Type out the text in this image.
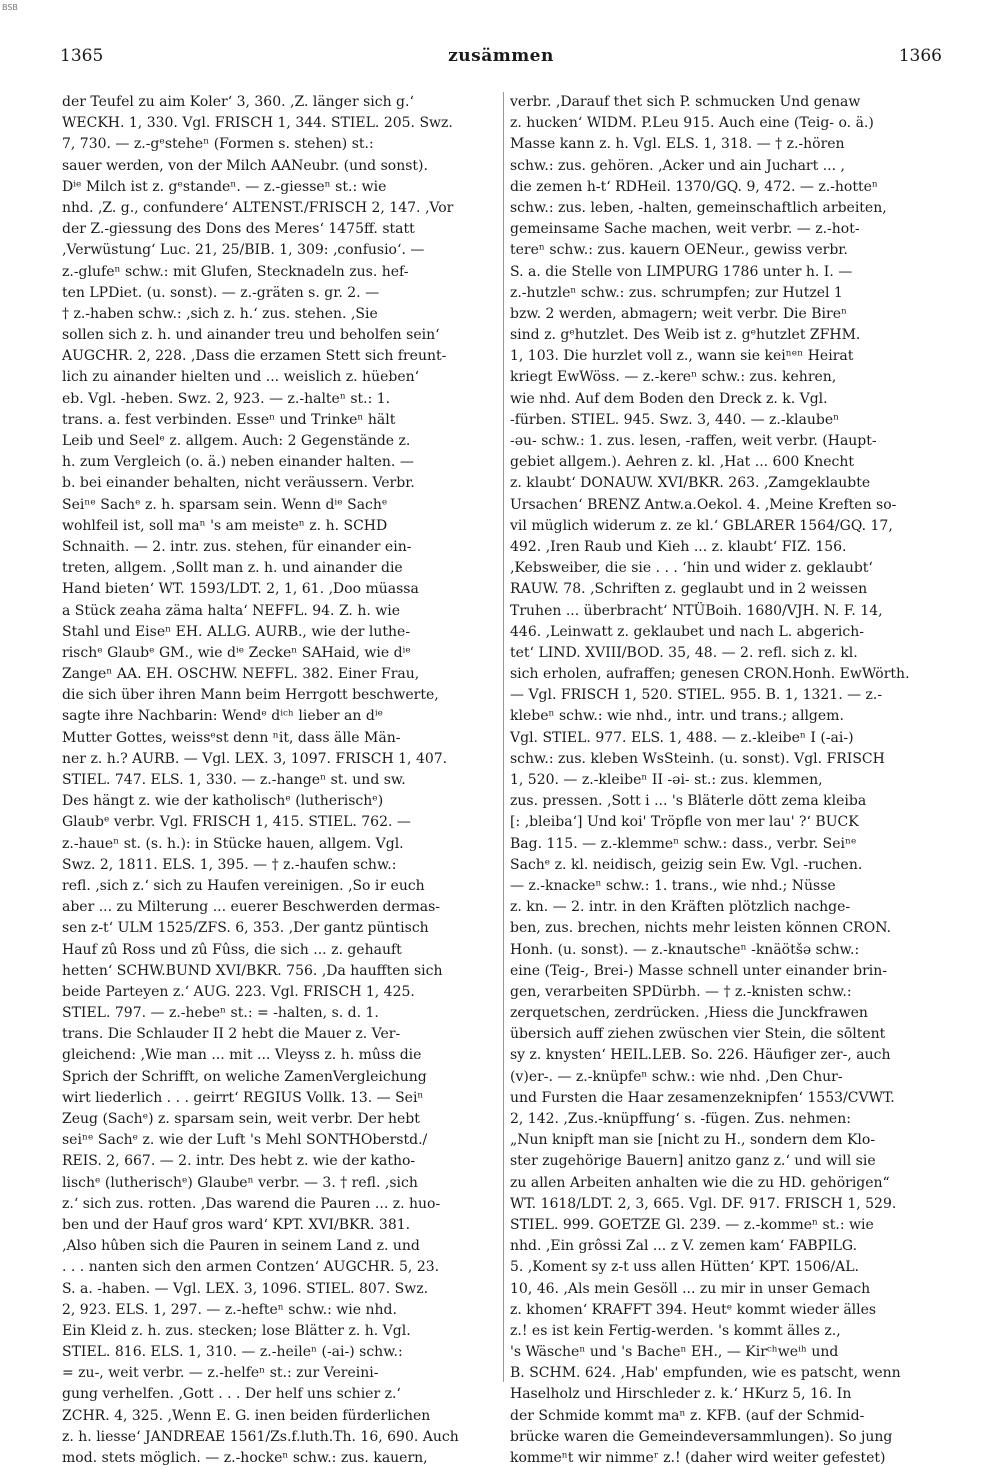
BSB
1365	zusämmen	1366
der Teufel zu aim Koler‘ 3, 360. ‚Z. länger sich g.‘
WECKH. 1, 330. Vgl. FRISCH 1, 344. STIEL. 205. Swz.
7, 730. — z.-gᵉsteheⁿ (Formen s. stehen) st.:
sauer werden, von der Milch AANeubr. (und sonst).
Dⁱᵉ Milch ist z. gᵉstandeⁿ. — z.-giesseⁿ st.: wie
nhd. ‚Z. g., confundere‘ ALTENST./FRISCH 2, 147. ‚Vor
der Z.-giessung des Dons des Meres‘ 1475ff. statt
‚Verwüstung‘ Luc. 21, 25/BIB. 1, 309: ‚confusio‘. —
z.-glufeⁿ schw.: mit Glufen, Stecknadeln zus. hef-
ten LPDiet. (u. sonst). — z.-gräten s. gr. 2. —
† z.-haben schw.: ‚sich z. h.‘ zus. stehen. ‚Sie
sollen sich z. h. und ainander treu und beholfen sein‘
AUGCHR. 2, 228. ‚Dass die erzamen Stett sich freunt-
lich zu ainander hielten und ... weislich z. hüeben‘
eb. Vgl. -heben. Swz. 2, 923. — z.-halteⁿ st.: 1.
trans. a. fest verbinden. Esseⁿ und Trinkeⁿ hält
Leib und Seelᵉ z. allgem. Auch: 2 Gegenstände z.
h. zum Vergleich (o. ä.) neben einander halten. —
b. bei einander behalten, nicht veräussern. Verbr.
Seiⁿᵉ Sachᵉ z. h. sparsam sein. Wenn dⁱᵉ Sachᵉ
wohlfeil ist, soll maⁿ 's am meisteⁿ z. h. SCHD
Schnaith. — 2. intr. zus. stehen, für einander ein-
treten, allgem. ‚Sollt man z. h. und ainander die
Hand bieten‘ WT. 1593/LDT. 2, 1, 61. ‚Doo müassa
a Stück zeaha zäma halta‘ NEFFL. 94. Z. h. wie
Stahl und Eiseⁿ EH. ALLG. AURB., wie der luthe-
rischᵉ Glaubᵉ GM., wie dⁱᵉ Zeckeⁿ SAHaid, wie dⁱᵉ
Zangeⁿ AA. EH. OSCHW. NEFFL. 382. Einer Frau,
die sich über ihren Mann beim Herrgott beschwerte,
sagte ihre Nachbarin: Wendᵉ dⁱᶜʰ lieber an dⁱᵉ
Mutter Gottes, weissᵉst denn ⁿit, dass älle Män-
ner z. h.? AURB. — Vgl. LEX. 3, 1097. FRISCH 1, 407.
STIEL. 747. ELS. 1, 330. — z.-hangeⁿ st. und sw.
Des hängt z. wie der katholischᵉ (lutherischᵉ)
Glaubᵉ verbr. Vgl. FRISCH 1, 415. STIEL. 762. —
z.-haueⁿ st. (s. h.): in Stücke hauen, allgem. Vgl.
Swz. 2, 1811. ELS. 1, 395. — † z.-haufen schw.:
refl. ‚sich z.‘ sich zu Haufen vereinigen. ‚So ir euch
aber ... zu Milterung ... euerer Beschwerden dermas-
sen z-t‘ ULM 1525/ZFS. 6, 353. ‚Der gantz püntisch
Hauf zû Ross und zû Fûss, die sich ... z. gehauft
hetten‘ SCHW.BUND XVI/BKR. 756. ‚Da haufften sich
beide Parteyen z.‘ AUG. 223. Vgl. FRISCH 1, 425.
STIEL. 797. — z.-hebeⁿ st.: = -halten, s. d. 1.
trans. Die Schlauder II 2 hebt die Mauer z. Ver-
gleichend: ‚Wie man ... mit ... Vleyss z. h. mûss die
Sprich der Schrifft, on weliche ZamenVergleichung
wirt liederlich . . . geirrt‘ REGIUS Vollk. 13. — Seiⁿ
Zeug (Sachᵉ) z. sparsam sein, weit verbr. Der hebt
seiⁿᵉ Sachᵉ z. wie der Luft 's Mehl SONTHOberstd./
REIS. 2, 667. — 2. intr. Des hebt z. wie der katho-
lischᵉ (lutherischᵉ) Glaubeⁿ verbr. — 3. † refl. ‚sich
z.‘ sich zus. rotten. ‚Das warend die Pauren ... z. huo-
ben und der Hauf gros ward‘ KPT. XVI/BKR. 381.
‚Also hûben sich die Pauren in seinem Land z. und
. . . nanten sich den armen Contzen‘ AUGCHR. 5, 23.
S. a. -haben. — Vgl. LEX. 3, 1096. STIEL. 807. Swz.
2, 923. ELS. 1, 297. — z.-hefteⁿ schw.: wie nhd.
Ein Kleid z. h. zus. stecken; lose Blätter z. h. Vgl.
STIEL. 816. ELS. 1, 310. — z.-heileⁿ (-ai-) schw.:
= zu-, weit verbr. — z.-helfeⁿ st.: zur Vereini-
gung verhelfen. ‚Gott . . . Der helf uns schier z.‘
ZCHR. 4, 325. ‚Wenn E. G. inen beiden fürderlichen
z. h. liesse‘ JANDREAE 1561/Zs.f.luth.Th. 16, 690. Auch
mod. stets möglich. — z.-hockeⁿ schw.: zus. kauern,
verbr. ‚Darauf thet sich P. schmucken Und genaw
z. hucken‘ WIDM. P.Leu 915. Auch eine (Teig- o. ä.)
Masse kann z. h. Vgl. ELS. 1, 318. — † z.-hören
schw.: zus. gehören. ‚Acker und ain Juchart ... ,
die zemen h-t‘ RDHeil. 1370/GQ. 9, 472. — z.-hotteⁿ
schw.: zus. leben, -halten, gemeinschaftlich arbeiten,
gemeinsame Sache machen, weit verbr. — z.-hot-
tereⁿ schw.: zus. kauern OENeur., gewiss verbr.
S. a. die Stelle von LIMPURG 1786 unter h. I. —
z.-hutzleⁿ schw.: zus. schrumpfen; zur Hutzel 1
bzw. 2 werden, abmagern; weit verbr. Die Bireⁿ
sind z. gᵉhutzlet. Des Weib ist z. gᵉhutzlet ZFHM.
1, 103. Die hurzlet voll z., wann sie keiⁿᵉⁿ Heirat
kriegt EwWöss. — z.-kereⁿ schw.: zus. kehren,
wie nhd. Auf dem Boden den Dreck z. k. Vgl.
-fürben. STIEL. 945. Swz. 3, 440. — z.-klaubeⁿ
-əu- schw.: 1. zus. lesen, -raffen, weit verbr. (Haupt-
gebiet allgem.). Aehren z. kl. ‚Hat ... 600 Knecht
z. klaubt‘ DONAUW. XVI/BKR. 263. ‚Zamgeklaubte
Ursachen‘ BRENZ Antw.a.Oekol. 4. ‚Meine Kreften so-
vil müglich widerum z. ze kl.‘ GBLARER 1564/GQ. 17,
492. ‚Iren Raub und Kieh ... z. klaubt‘ FIZ. 156.
‚Kebsweiber, die sie . . . ‘hin und wider z. geklaubt‘
RAUW. 78. ‚Schriften z. geglaubt und in 2 weissen
Truhen ... überbracht‘ NTÜBoih. 1680/VJH. N. F. 14,
446. ‚Leinwatt z. geklaubet und nach L. abgerich-
tet‘ LIND. XVIII/BOD. 35, 48. — 2. refl. sich z. kl.
sich erholen, aufraffen; genesen CRON.Honh. EwWörth.
— Vgl. FRISCH 1, 520. STIEL. 955. B. 1, 1321. — z.-
klebeⁿ schw.: wie nhd., intr. und trans.; allgem.
Vgl. STIEL. 977. ELS. 1, 488. — z.-kleibeⁿ I (-ai-)
schw.: zus. kleben WsSteinh. (u. sonst). Vgl. FRISCH
1, 520. — z.-kleibeⁿ II -əi- st.: zus. klemmen,
zus. pressen. ‚Sott i ... 's Bläterle dött zema kleiba
[: ‚bleiba‘] Und koi' Tröpfle von mer lau' ?‘ BUCK
Bag. 115. — z.-klemmeⁿ schw.: dass., verbr. Seiⁿᵉ
Sachᵉ z. kl. neidisch, geizig sein Ew. Vgl. -ruchen.
— z.-knackeⁿ schw.: 1. trans., wie nhd.; Nüsse
z. kn. — 2. intr. in den Kräften plötzlich nachge-
ben, zus. brechen, nichts mehr leisten können CRON.
Honh. (u. sonst). — z.-knautscheⁿ -knäötšə schw.:
eine (Teig-, Brei-) Masse schnell unter einander brin-
gen, verarbeiten SPDürbh. — † z.-knisten schw.:
zerquetschen, zerdrücken. ‚Hiess die Junckfrawen
übersich auff ziehen zwüschen vier Stein, die sōltent
sy z. knysten‘ HEIL.LEB. So. 226. Häufiger zer-, auch
(v)er-. — z.-knüpfeⁿ schw.: wie nhd. ‚Den Chur-
und Fursten die Haar zesamenzeknipfen‘ 1553/CVWT.
2, 142. ‚Zus.-knüpffung‘ s. -fügen. Zus. nehmen:
„Nun knipft man sie [nicht zu H., sondern dem Klo-
ster zugehörige Bauern] anitzo ganz z.‘ und will sie
zu allen Arbeiten anhalten wie die zu HD. gehörigen“
WT. 1618/LDT. 2, 3, 665. Vgl. DF. 917. FRISCH 1, 529.
STIEL. 999. GOETZE Gl. 239. — z.-kommeⁿ st.: wie
nhd. ‚Ein grôssi Zal ... z V. zemen kam‘ FABPILG.
5. ‚Koment sy z-t uss allen Hütten‘ KPT. 1506/AL.
10, 46. ‚Als mein Gesöll ... zu mir in unser Gemach
z. khomen‘ KRAFFT 394. Heutᵉ kommt wieder älles
z.! es ist kein Fertig-werden. 's kommt älles z.,
's Wäscheⁿ und 's Bacheⁿ EH., — Kirᶜʰweⁱʰ und
B. SCHM. 624. ‚Hab' empfunden, wie es patscht, wenn
Haselholz und Hirschleder z. k.‘ HKurz 5, 16. In
der Schmide kommt maⁿ z. KFB. (auf der Schmid-
brücke waren die Gemeindeversammlungen). So jung
kommeⁿt wir nimmeʳ z.! (daher wird weiter gefestet)
